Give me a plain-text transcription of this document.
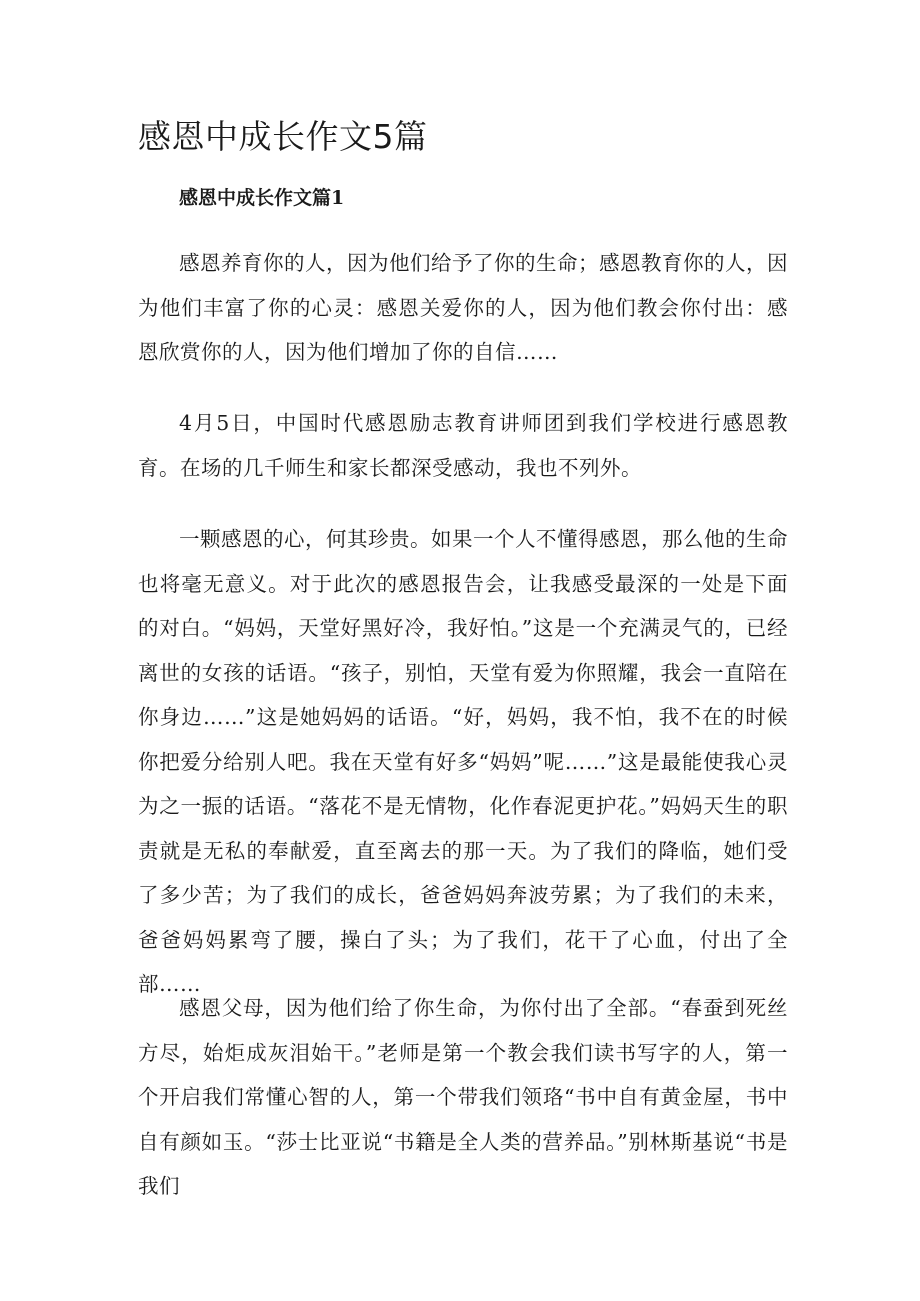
感恩中成长作文5篇
感恩中成长作文篇1

感恩养育你的人，因为他们给予了你的生命；感恩教育你的人，因为他们丰富了你的心灵：感恩关爱你的人，因为他们教会你付出：感恩欣赏你的人，因为他们增加了你的自信……

4月5日，中国时代感恩励志教育讲师团到我们学校进行感恩教育。在场的几千师生和家长都深受感动，我也不列外。

一颗感恩的心，何其珍贵。如果一个人不懂得感恩，那么他的生命也将毫无意义。对于此次的感恩报告会，让我感受最深的一处是下面的对白。“妈妈，天堂好黑好冷，我好怕。”这是一个充满灵气的，已经离世的女孩的话语。“孩子，别怕，天堂有爱为你照耀，我会一直陪在你身边……”这是她妈妈的话语。“好，妈妈，我不怕，我不在的时候你把爱分给别人吧。我在天堂有好多“妈妈”呢……”这是最能使我心灵为之一振的话语。“落花不是无情物，化作春泥更护花。”妈妈天生的职责就是无私的奉献爱，直至离去的那一天。为了我们的降临，她们受了多少苦；为了我们的成长，爸爸妈妈奔波劳累；为了我们的未来，爸爸妈妈累弯了腰，操白了头；为了我们，花干了心血，付出了全部……

感恩父母，因为他们给了你生命，为你付出了全部。“春蚕到死丝方尽，始炬成灰泪始干。”老师是第一个教会我们读书写字的人，第一个开启我们常懂心智的人，第一个带我们领珞“书中自有黄金屋，书中自有颜如玉。“莎士比亚说“书籍是全人类的营养品。”别林斯基说“书是我们
